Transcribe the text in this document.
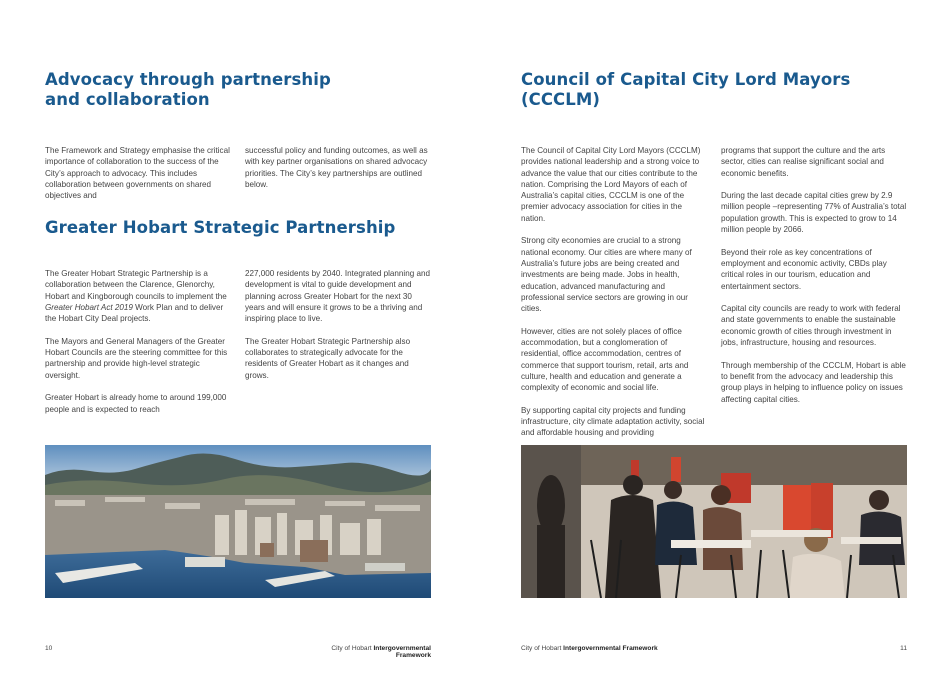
Advocacy through partnership
and collaboration

The Framework and Strategy emphasise the critical importance of collaboration to the success of the City’s approach to advocacy. This includes collaboration between governments on shared objectives and

successful policy and funding outcomes, as well as with key partner organisations on shared advocacy priorities. The City’s key partnerships are outlined below.

Greater Hobart Strategic Partnership

The Greater Hobart Strategic Partnership is a collaboration between the Clarence, Glenorchy, Hobart and Kingborough councils to implement the Greater Hobart Act 2019 Work Plan and to deliver the Hobart City Deal projects.

The Mayors and General Managers of the Greater Hobart Councils are the steering committee for this partnership and provide high-level strategic oversight.

Greater Hobart is already home to around 199,000 people and is expected to reach

227,000 residents by 2040. Integrated planning and development is vital to guide development and planning across Greater Hobart for the next 30 years and will ensure it grows to be a thriving and inspiring place to live.

The Greater Hobart Strategic Partnership also collaborates to strategically advocate for the residents of Greater Hobart as it changes and grows.

10	City of Hobart Intergovernmental Framework
Council of Capital City Lord Mayors (CCCLM)

The Council of Capital City Lord Mayors (CCCLM) provides national leadership and a strong voice to advance the value that our cities contribute to the nation. Comprising the Lord Mayors of each of Australia’s capital cities, CCCLM is one of the premier advocacy association for cities in the nation.

Strong city economies are crucial to a strong national economy. Our cities are where many of Australia’s future jobs are being created and investments are being made. Jobs in health, education, advanced manufacturing and professional service sectors are growing in our cities.

However, cities are not solely places of office accommodation, but a conglomeration of residential, office accommodation, centres of commerce that support tourism, retail, arts and culture, health and education and generate a complexity of economic and social life.

By supporting capital city projects and funding infrastructure, city climate adaptation activity, social and affordable housing and providing

programs that support the culture and the arts sector, cities can realise significant social and economic benefits.

During the last decade capital cities grew by 2.9 million people –representing 77% of Australia’s total population growth. This is expected to grow to 14 million people by 2066.

Beyond their role as key concentrations of employment and economic activity, CBDs play critical roles in our tourism, education and entertainment sectors.

Capital city councils are ready to work with federal and state governments to enable the sustainable economic growth of cities through investment in jobs, infrastructure, housing and resources.

Through membership of the CCCLM, Hobart is able to benefit from the advocacy and leadership this group plays in helping to influence policy on issues affecting capital cities.

City of Hobart Intergovernmental Framework	11
